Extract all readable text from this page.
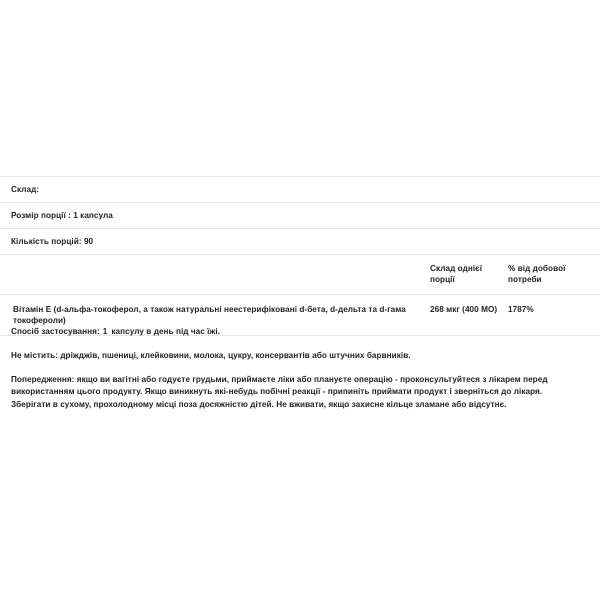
Склад:
Розмір порції : 1 капсула
Кількість порцій: 90
Склад однієї порції
% від добової потреби
Вітамін Е (d-альфа-токоферол, а також натуральні неестерифіковані d-бета, d-дельта та d-гама токофероли)
268 мкг (400 МО)	1787%

Спосіб застосування: 1 капсулу в день під час їжі.

Не містить: дріжджів, пшениці, клейковини, молока, цукру, консервантів або штучних барвників.

Попередження: якщо ви вагітні або годуєте грудьми, приймаєте ліки або плануєте операцію - проконсультуйтеся з лікарем перед використанням цього продукту. Якщо виникнуть які-небудь побічні реакції - припиніть приймати продукт і зверніться до лікаря. Зберігати в сухому, прохолодному місці поза досяжністю дітей. Не вживати, якщо захисне кільце зламане або відсутнє.
